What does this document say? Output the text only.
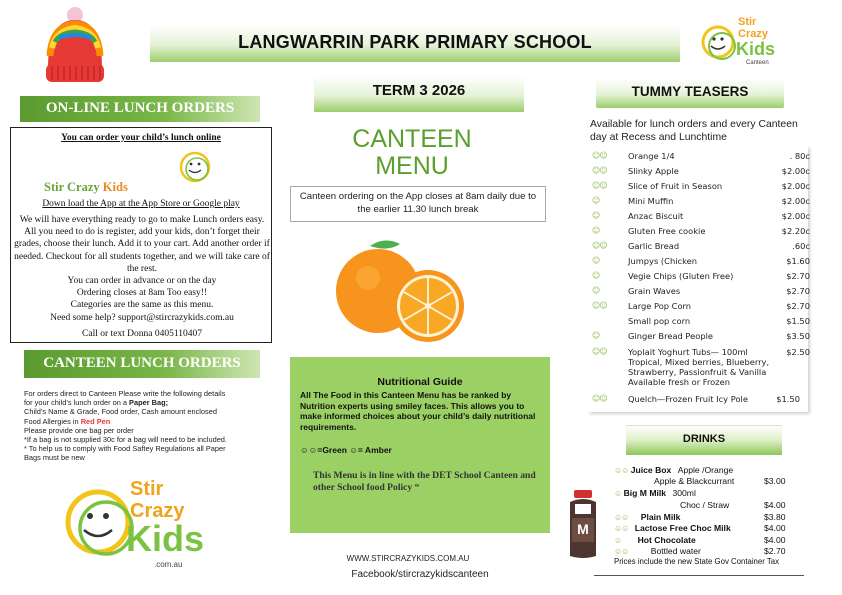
LANGWARRIN PARK PRIMARY SCHOOL
Stir
Crazy
Kids
Canteen
ON-LINE LUNCH ORDERS
You can order your child’s lunch online
Stir Crazy Kids
Down load the App at the App Store or Google play
We will have everything ready to go to make Lunch orders easy. All you need to do is register, add your kids, don’t forget their grades, choose their lunch. Add it to your cart. Add another order if needed. Checkout for all students together, and we will take care of the rest.
You can order in advance or on the day
Ordering closes at 8am Too easy!!
Categories are the same as this menu.
Need some help? support@stircrazykids.com.au
Call or text Donna 0405110407
CANTEEN LUNCH ORDERS
For orders direct to Canteen Please write the following details
for your child’s lunch order on a Paper Bag;
Child’s Name & Grade, Food order, Cash amount enclosed
Food Allergies in Red Pen
Please provide one bag per order
*If a bag is not supplied 30c for a bag will need to be included.
* To help us to comply with Food Saftey Regulations all Paper
Bags must be new
Stir
Crazy
Kids
.com.au
TERM 3 2026
CANTEEN
MENU
Canteen ordering on the App closes at 8am daily due to the earlier 11.30 lunch break
Nutritional Guide
All The Food in this Canteen Menu has be ranked by Nutrition experts using smiley faces. This allows you to make informed choices about your child’s daily nutritional requirements.
☺☺=Green ☺= Amber
This Menu is in line with the DET School Canteen and other School food Policy “
WWW.STIRCRAZYKIDS.COM.AU
Facebook/stircrazykidscanteen
TUMMY TEASERS
Available for lunch orders and every Canteen day at Recess and Lunchtime
☺☺	Orange 1/4	. 80c
☺☺	Slinky Apple	$2.00c
☺☺	Slice of Fruit in Season	$2.00c
☺	Mini Muffin	$2.00c
☺	Anzac Biscuit	$2.00c
☺	Gluten Free cookie	$2.20c
☺☺	Garlic Bread	.60c
☺	Jumpys (Chicken	$1.60
☺	Vegie Chips (Gluten Free)	$2.70
☺	Grain Waves	$2.70
☺☺	Large Pop Corn	$2.70
Small pop corn	$1.50
☺	Ginger Bread People	$3.50
☺☺	Yoplait Yoghurt Tubs— 100ml	$2.50
Tropical, Mixed berries, Blueberry,
Strawberry, Passionfruit & Vanilla
Available fresh or Frozen
☺☺	Quelch—Frozen Fruit Icy Pole	$1.50
DRINKS
M
☺☺ Juice Box Apple /Orange
Apple & Blackcurrant	$3.00
☺ Big M Milk 300ml
Choc / Straw	$4.00
☺☺ Plain Milk	$3.80
☺☺ Lactose Free Choc Milk	$4.00
☺ Hot Chocolate	$4.00
☺☺	Bottled water	$2.70
Prices include the new State Gov Container Tax
